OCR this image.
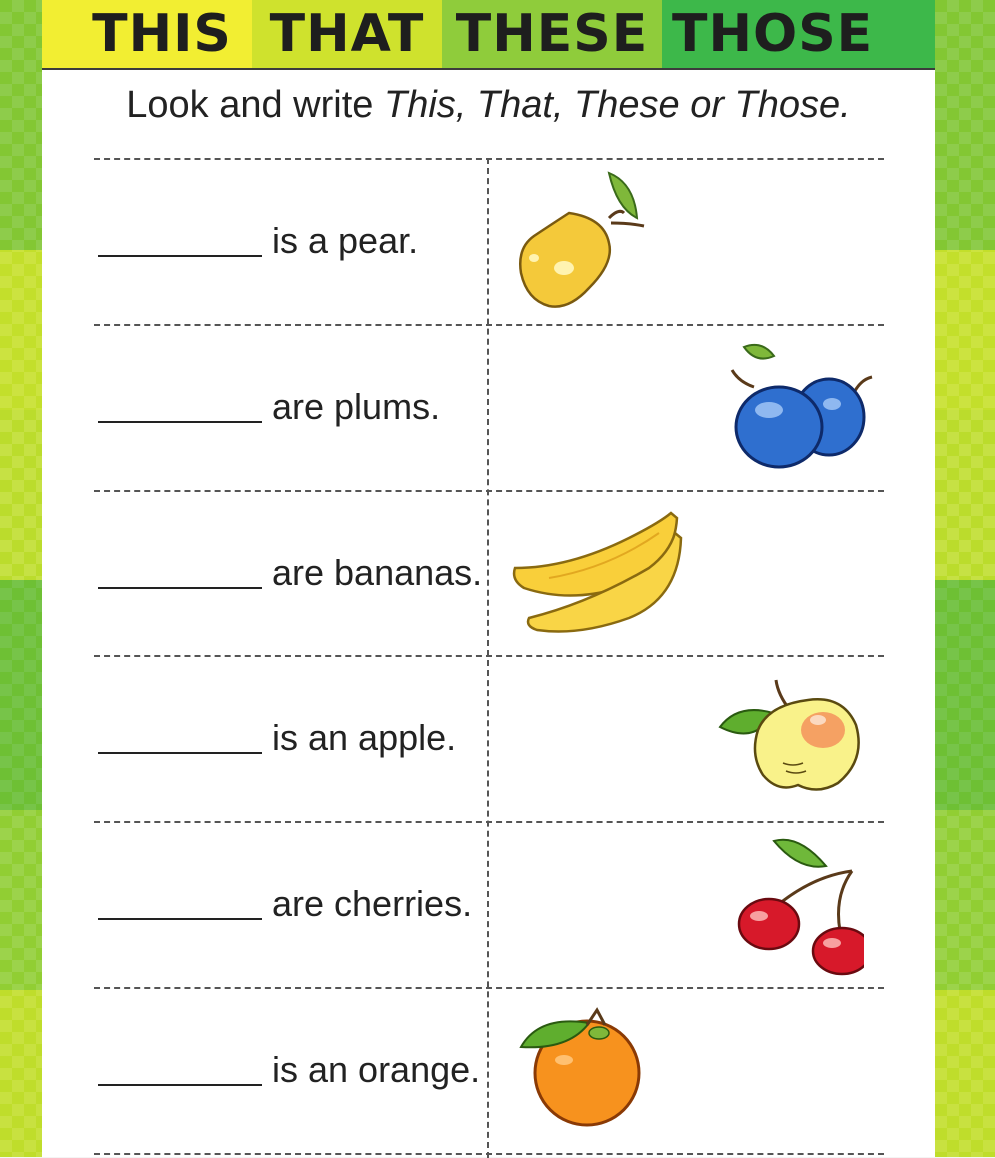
THIS THAT THESE THOSE
Look and write This, That, These or Those.
is a pear.
are plums.
are bananas.
is an apple.
are cherries.
is an orange.
